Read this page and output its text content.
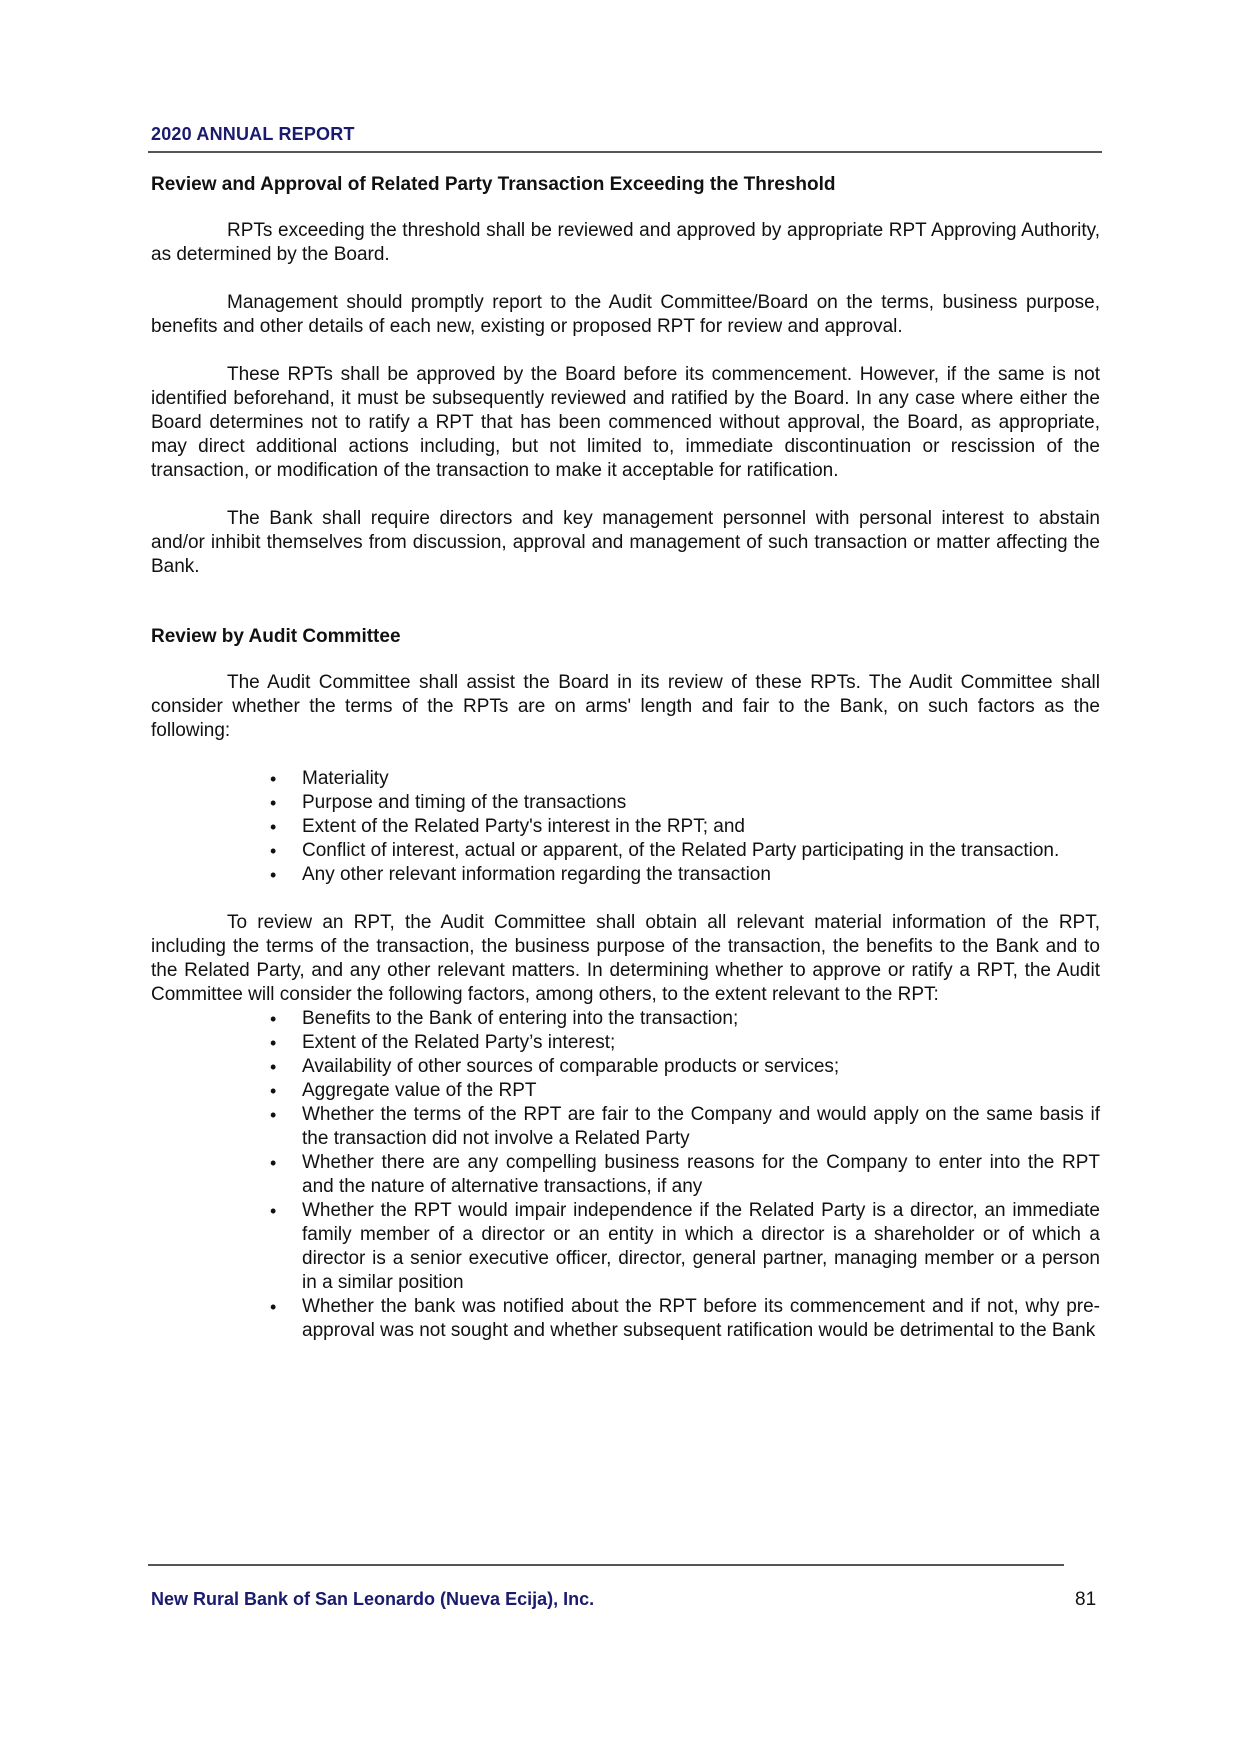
2020 ANNUAL REPORT
Review and Approval of Related Party Transaction Exceeding the Threshold

RPTs exceeding the threshold shall be reviewed and approved by appropriate RPT Approving Authority, as determined by the Board.

Management should promptly report to the Audit Committee/Board on the terms, business purpose, benefits and other details of each new, existing or proposed RPT for review and approval.

These RPTs shall be approved by the Board before its commencement. However, if the same is not identified beforehand, it must be subsequently reviewed and ratified by the Board. In any case where either the Board determines not to ratify a RPT that has been commenced without approval, the Board, as appropriate, may direct additional actions including, but not limited to, immediate discontinuation or rescission of the transaction, or modification of the transaction to make it acceptable for ratification.

The Bank shall require directors and key management personnel with personal interest to abstain and/or inhibit themselves from discussion, approval and management of such transaction or matter affecting the Bank.

Review by Audit Committee

The Audit Committee shall assist the Board in its review of these RPTs. The Audit Committee shall consider whether the terms of the RPTs are on arms' length and fair to the Bank, on such factors as the following:

• Materiality
• Purpose and timing of the transactions
• Extent of the Related Party's interest in the RPT; and
• Conflict of interest, actual or apparent, of the Related Party participating in the transaction.
• Any other relevant information regarding the transaction

To review an RPT, the Audit Committee shall obtain all relevant material information of the RPT, including the terms of the transaction, the business purpose of the transaction, the benefits to the Bank and to the Related Party, and any other relevant matters. In determining whether to approve or ratify a RPT, the Audit Committee will consider the following factors, among others, to the extent relevant to the RPT:

• Benefits to the Bank of entering into the transaction;
• Extent of the Related Party’s interest;
• Availability of other sources of comparable products or services;
• Aggregate value of the RPT
• Whether the terms of the RPT are fair to the Company and would apply on the same basis if the transaction did not involve a Related Party
• Whether there are any compelling business reasons for the Company to enter into the RPT and the nature of alternative transactions, if any
• Whether the RPT would impair independence if the Related Party is a director, an immediate family member of a director or an entity in which a director is a shareholder or of which a director is a senior executive officer, director, general partner, managing member or a person in a similar position
• Whether the bank was notified about the RPT before its commencement and if not, why pre-approval was not sought and whether subsequent ratification would be detrimental to the Bank
New Rural Bank of San Leonardo (Nueva Ecija), Inc.	81
